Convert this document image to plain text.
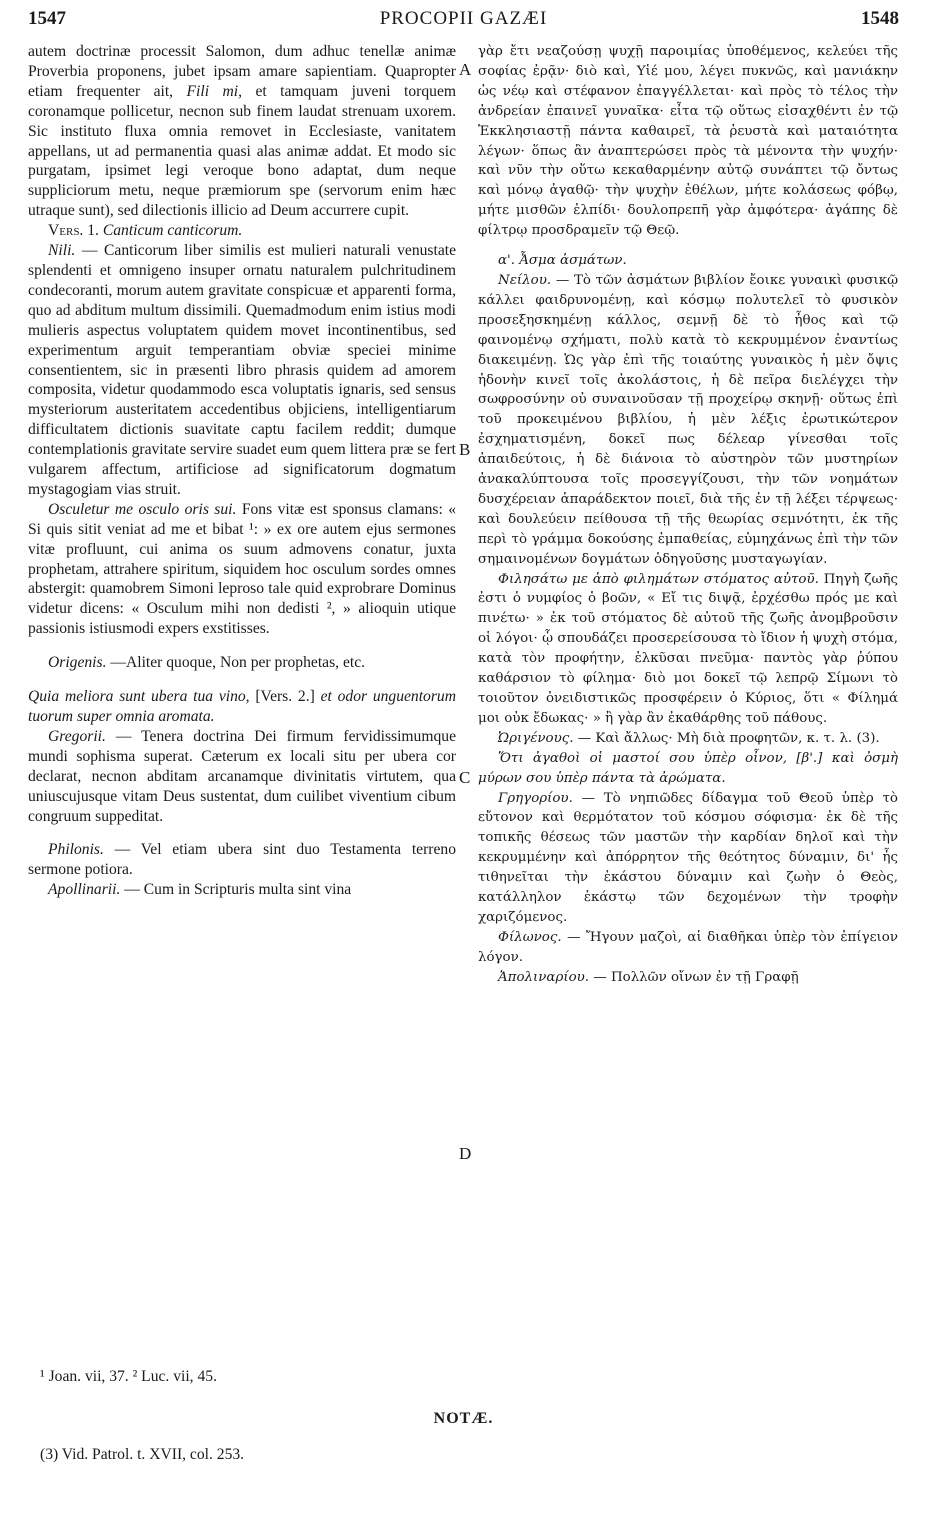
1547	PROCOPII GAZÆI	1548
A
B
C
D

autem doctrinæ processit Salomon, dum adhuc tenellæ animæ Proverbia proponens, jubet ipsam amare sapientiam. Quapropter etiam frequenter ait, Fili mi, et tamquam juveni torquem coronamque pollicetur, necnon sub finem laudat strenuam uxorem. Sic instituto fluxa omnia removet in Ecclesiaste, vanitatem appellans, ut ad permanentia quasi alas animæ addat. Et modo sic purgatam, ipsimet legi veroque bono adaptat, dum neque suppliciorum metu, neque præmiorum spe (servorum enim hæc utraque sunt), sed dilectionis illicio ad Deum accurrere cupit.

Vers. 1. Canticum canticorum.

Nili. — Canticorum liber similis est mulieri naturali venustate splendenti et omnigeno insuper ornatu naturalem pulchritudinem condecoranti, morum autem gravitate conspicuæ et apparenti forma, quo ad abditum multum dissimili. Quemadmodum enim istius modi mulieris aspectus voluptatem quidem movet incontinentibus, sed experimentum arguit temperantiam obviæ speciei minime consentientem, sic in præsenti libro phrasis quidem ad amorem composita, videtur quodammodo esca voluptatis ignaris, sed sensus mysteriorum austeritatem accedentibus objiciens, intelligentiarum difficultatem dictionis suavitate captu facilem reddit; dumque contemplationis gravitate servire suadet eum quem littera præ se fert vulgarem affectum, artificiose ad significatorum dogmatum mystagogiam vias struit.

Osculetur me osculo oris sui. Fons vitæ est sponsus clamans: « Si quis sitit veniat ad me et bibat ¹: » ex ore autem ejus sermones vitæ profluunt, cui anima os suum admovens conatur, juxta prophetam, attrahere spiritum, siquidem hoc osculum sordes omnes abstergit: quamobrem Simoni leproso tale quid exprobrare Dominus videtur dicens: « Osculum mihi non dedisti ², » alioquin utique passionis istiusmodi expers exstitisses.

Origenis. —Aliter quoque, Non per prophetas, etc.

Quia meliora sunt ubera tua vino, [Vers. 2.] et odor unguentorum tuorum super omnia aromata.

Gregorii. — Tenera doctrina Dei firmum fervidissimumque mundi sophisma superat. Cæterum ex locali situ per ubera cor declarat, necnon abditam arcanamque divinitatis virtutem, qua uniuscujusque vitam Deus sustentat, dum cuilibet viventium cibum congruum suppeditat.

Philonis. — Vel etiam ubera sint duo Testamenta terreno sermone potiora.

Apollinarii. — Cum in Scripturis multa sint vina

γὰρ ἔτι νεαζούσῃ ψυχῇ παροιμίας ὑποθέμενος, κελεύει τῆς σοφίας ἐρᾷν· διὸ καὶ, Υἱέ μου, λέγει πυκνῶς, καὶ μανιάκην ὡς νέῳ καὶ στέφανον ἐπαγγέλλεται· καὶ πρὸς τὸ τέλος τὴν ἀνδρείαν ἐπαινεῖ γυναῖκα· εἶτα τῷ οὕτως εἰσαχθέντι ἐν τῷ Ἐκκλησιαστῇ πάντα καθαιρεῖ, τὰ ῥευστὰ καὶ ματαιότητα λέγων· ὅπως ἂν ἀναπτερώσει πρὸς τὰ μένοντα τὴν ψυχήν· καὶ νῦν τὴν οὕτω κεκαθαρμένην αὐτῷ συνάπτει τῷ ὄντως καὶ μόνῳ ἀγαθῷ· τὴν ψυχὴν ἐθέλων, μήτε κολάσεως φόβῳ, μήτε μισθῶν ἐλπίδι· δουλοπρεπῆ γὰρ ἀμφότερα· ἀγάπης δὲ φίλτρῳ προσδραμεῖν τῷ Θεῷ.

α'. Ἆσμα ἀσμάτων.

Νείλου. — Τὸ τῶν ἀσμάτων βιβλίον ἔοικε γυναικὶ φυσικῷ κάλλει φαιδρυνομένῃ, καὶ κόσμῳ πολυτελεῖ τὸ φυσικὸν προσεξησκημένῃ κάλλος, σεμνῇ δὲ τὸ ἦθος καὶ τῷ φαινομένῳ σχήματι, πολὺ κατὰ τὸ κεκρυμμένον ἐναντίως διακειμένῃ. Ὡς γὰρ ἐπὶ τῆς τοιαύτης γυναικὸς ἡ μὲν ὄψις ἡδονὴν κινεῖ τοῖς ἀκολάστοις, ἡ δὲ πεῖρα διελέγχει τὴν σωφροσύνην οὐ συναινοῦσαν τῇ προχείρῳ σκηνῇ· οὕτως ἐπὶ τοῦ προκειμένου βιβλίου, ἡ μὲν λέξις ἐρωτικώτερον ἐσχηματισμένη, δοκεῖ πως δέλεαρ γίνεσθαι τοῖς ἀπαιδεύτοις, ἡ δὲ διάνοια τὸ αὐστηρὸν τῶν μυστηρίων ἀνακαλύπτουσα τοῖς προσεγγίζουσι, τὴν τῶν νοημάτων δυσχέρειαν ἀπαράδεκτον ποιεῖ, διὰ τῆς ἐν τῇ λέξει τέρψεως· καὶ δουλεύειν πείθουσα τῇ τῆς θεωρίας σεμνότητι, ἐκ τῆς περὶ τὸ γράμμα δοκούσης ἐμπαθείας, εὐμηχάνως ἐπὶ τὴν τῶν σημαινομένων δογμάτων ὁδηγοῦσης μυσταγωγίαν.

Φιλησάτω με ἀπὸ φιλημάτων στόματος αὐτοῦ. Πηγὴ ζωῆς ἐστι ὁ νυμφίος ὁ βοῶν, « Εἴ τις διψᾷ, ἐρχέσθω πρός με καὶ πινέτω· » ἐκ τοῦ στόματος δὲ αὐτοῦ τῆς ζωῆς ἀνομβροῦσιν οἱ λόγοι· ᾧ σπουδάζει προσερείσουσα τὸ ἴδιον ἡ ψυχὴ στόμα, κατὰ τὸν προφήτην, ἑλκῦσαι πνεῦμα· παντὸς γὰρ ῥύπου καθάρσιον τὸ φίλημα· διὸ μοι δοκεῖ τῷ λεπρῷ Σίμωνι τὸ τοιοῦτον ὀνειδιστικῶς προσφέρειν ὁ Κύριος, ὅτι « Φίλημά μοι οὐκ ἔδωκας· » ἢ γὰρ ἂν ἐκαθάρθης τοῦ πάθους.

Ὠριγένους. — Καὶ ἄλλως· Μὴ διὰ προφητῶν, κ. τ. λ. (3).

Ὅτι ἀγαθοὶ οἱ μαστοί σου ὑπὲρ οἶνον, [β'.] καὶ ὀσμὴ μύρων σου ὑπὲρ πάντα τὰ ἀρώματα.

Γρηγορίου. — Τὸ νηπιῶδες δίδαγμα τοῦ Θεοῦ ὑπὲρ τὸ εὔτονον καὶ θερμότατον τοῦ κόσμου σόφισμα· ἐκ δὲ τῆς τοπικῆς θέσεως τῶν μαστῶν τὴν καρδίαν δηλοῖ καὶ τὴν κεκρυμμένην καὶ ἀπόρρητον τῆς θεότητος δύναμιν, δι' ἧς τιθηνεῖται τὴν ἑκάστου δύναμιν καὶ ζωὴν ὁ Θεὸς, κατάλληλον ἑκάστῳ τῶν δεχομένων τὴν τροφὴν χαριζόμενος.

Φίλωνος. — Ἤγουν μαζοὶ, αἱ διαθῆκαι ὑπὲρ τὸν ἐπίγειον λόγον.

Ἀπολιναρίου. — Πολλῶν οἴνων ἐν τῇ Γραφῇ

¹ Joan. vii, 37. ² Luc. vii, 45.
NOTÆ.
(3) Vid. Patrol. t. XVII, col. 253.
